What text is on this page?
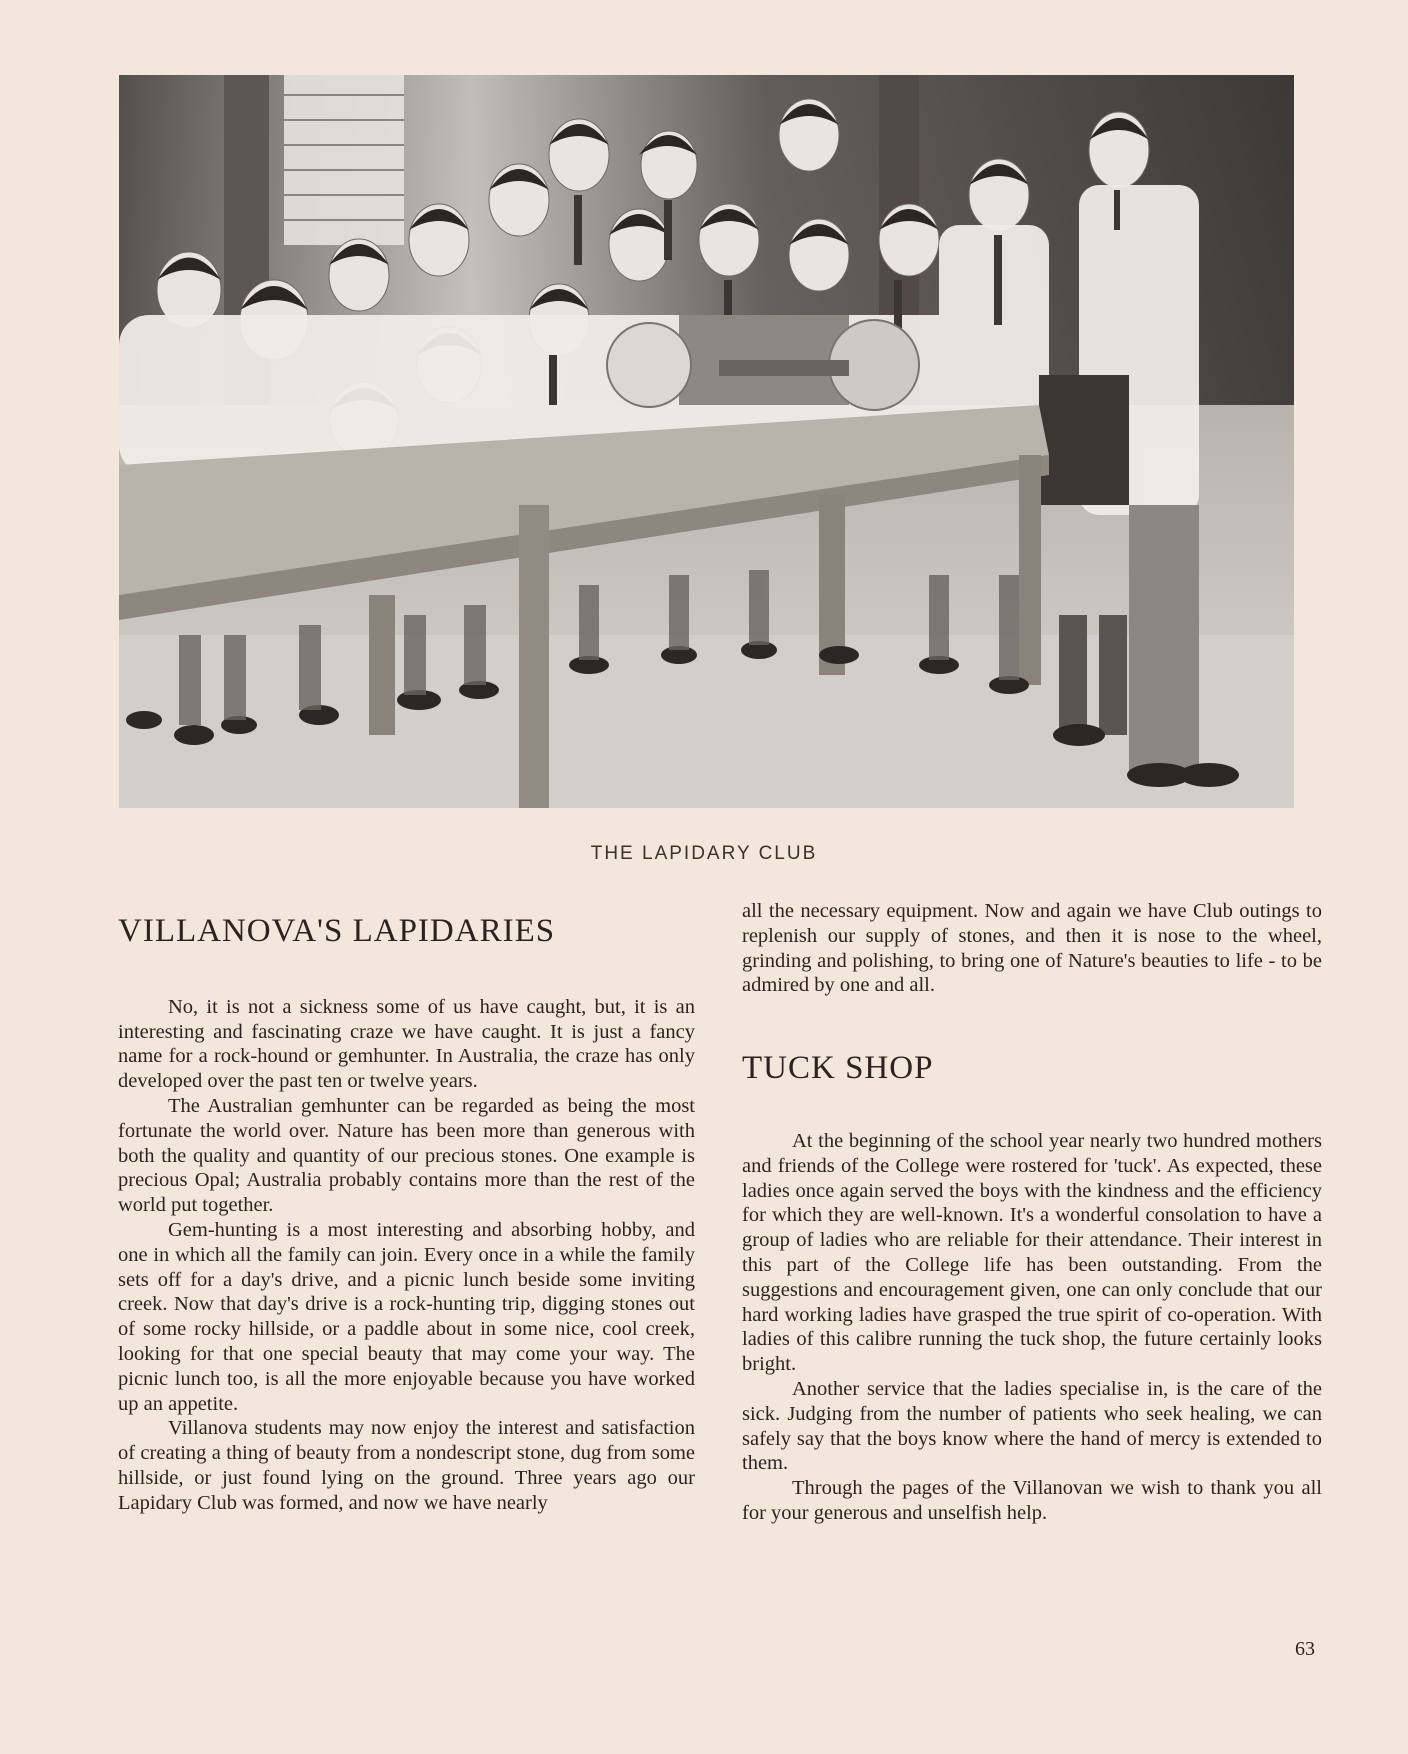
THE LAPIDARY CLUB
VILLANOVA'S LAPIDARIES

No, it is not a sickness some of us have caught, but, it is an interesting and fascinating craze we have caught. It is just a fancy name for a rock-hound or gemhunter. In Australia, the craze has only developed over the past ten or twelve years.

The Australian gemhunter can be regarded as being the most fortunate the world over. Nature has been more than generous with both the quality and quantity of our precious stones. One example is precious Opal; Australia probably contains more than the rest of the world put together.

Gem-hunting is a most interesting and absorbing hobby, and one in which all the family can join. Every once in a while the family sets off for a day's drive, and a picnic lunch beside some inviting creek. Now that day's drive is a rock-hunting trip, digging stones out of some rocky hillside, or a paddle about in some nice, cool creek, looking for that one special beauty that may come your way. The picnic lunch too, is all the more enjoyable because you have worked up an appetite.

Villanova students may now enjoy the interest and satisfaction of creating a thing of beauty from a nondescript stone, dug from some hillside, or just found lying on the ground. Three years ago our Lapidary Club was formed, and now we have nearly

all the necessary equipment. Now and again we have Club outings to replenish our supply of stones, and then it is nose to the wheel, grinding and polishing, to bring one of Nature's beauties to life - to be admired by one and all.

TUCK SHOP

At the beginning of the school year nearly two hundred mothers and friends of the College were rostered for 'tuck'. As expected, these ladies once again served the boys with the kindness and the efficiency for which they are well-known. It's a wonderful consolation to have a group of ladies who are reliable for their attendance. Their interest in this part of the College life has been outstanding. From the suggestions and encouragement given, one can only conclude that our hard working ladies have grasped the true spirit of co-operation. With ladies of this calibre running the tuck shop, the future certainly looks bright.

Another service that the ladies specialise in, is the care of the sick. Judging from the number of patients who seek healing, we can safely say that the boys know where the hand of mercy is extended to them.

Through the pages of the Villanovan we wish to thank you all for your generous and unselfish help.

63
